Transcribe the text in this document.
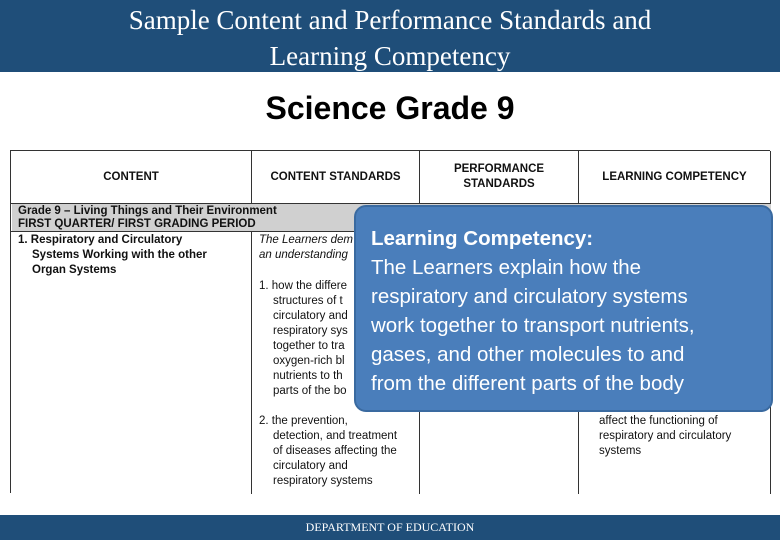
Sample Content and Performance Standards and
Learning Competency
Science Grade 9
CONTENT	CONTENT STANDARDS
PERFORMANCE
STANDARDS
LEARNING COMPETENCY
Grade 9 – Living Things and Their Environment
FIRST QUARTER/ FIRST GRADING PERIOD
1. Respiratory and Circulatory
Systems Working with the other
Organ Systems
The Learners dem
an understanding
1. how the differe
structures of t
circulatory and
respiratory sys
together to tra
oxygen-rich bl
nutrients to th
parts of the bo
2. the prevention,
detection, and treatment
of diseases affecting the
circulatory and
respiratory systems
affect the functioning of
respiratory and circulatory
systems
Learning Competency:
The Learners explain how the
respiratory and circulatory systems
work together to transport nutrients,
gases, and other molecules to and
from the different parts of the body
DEPARTMENT OF EDUCATION
